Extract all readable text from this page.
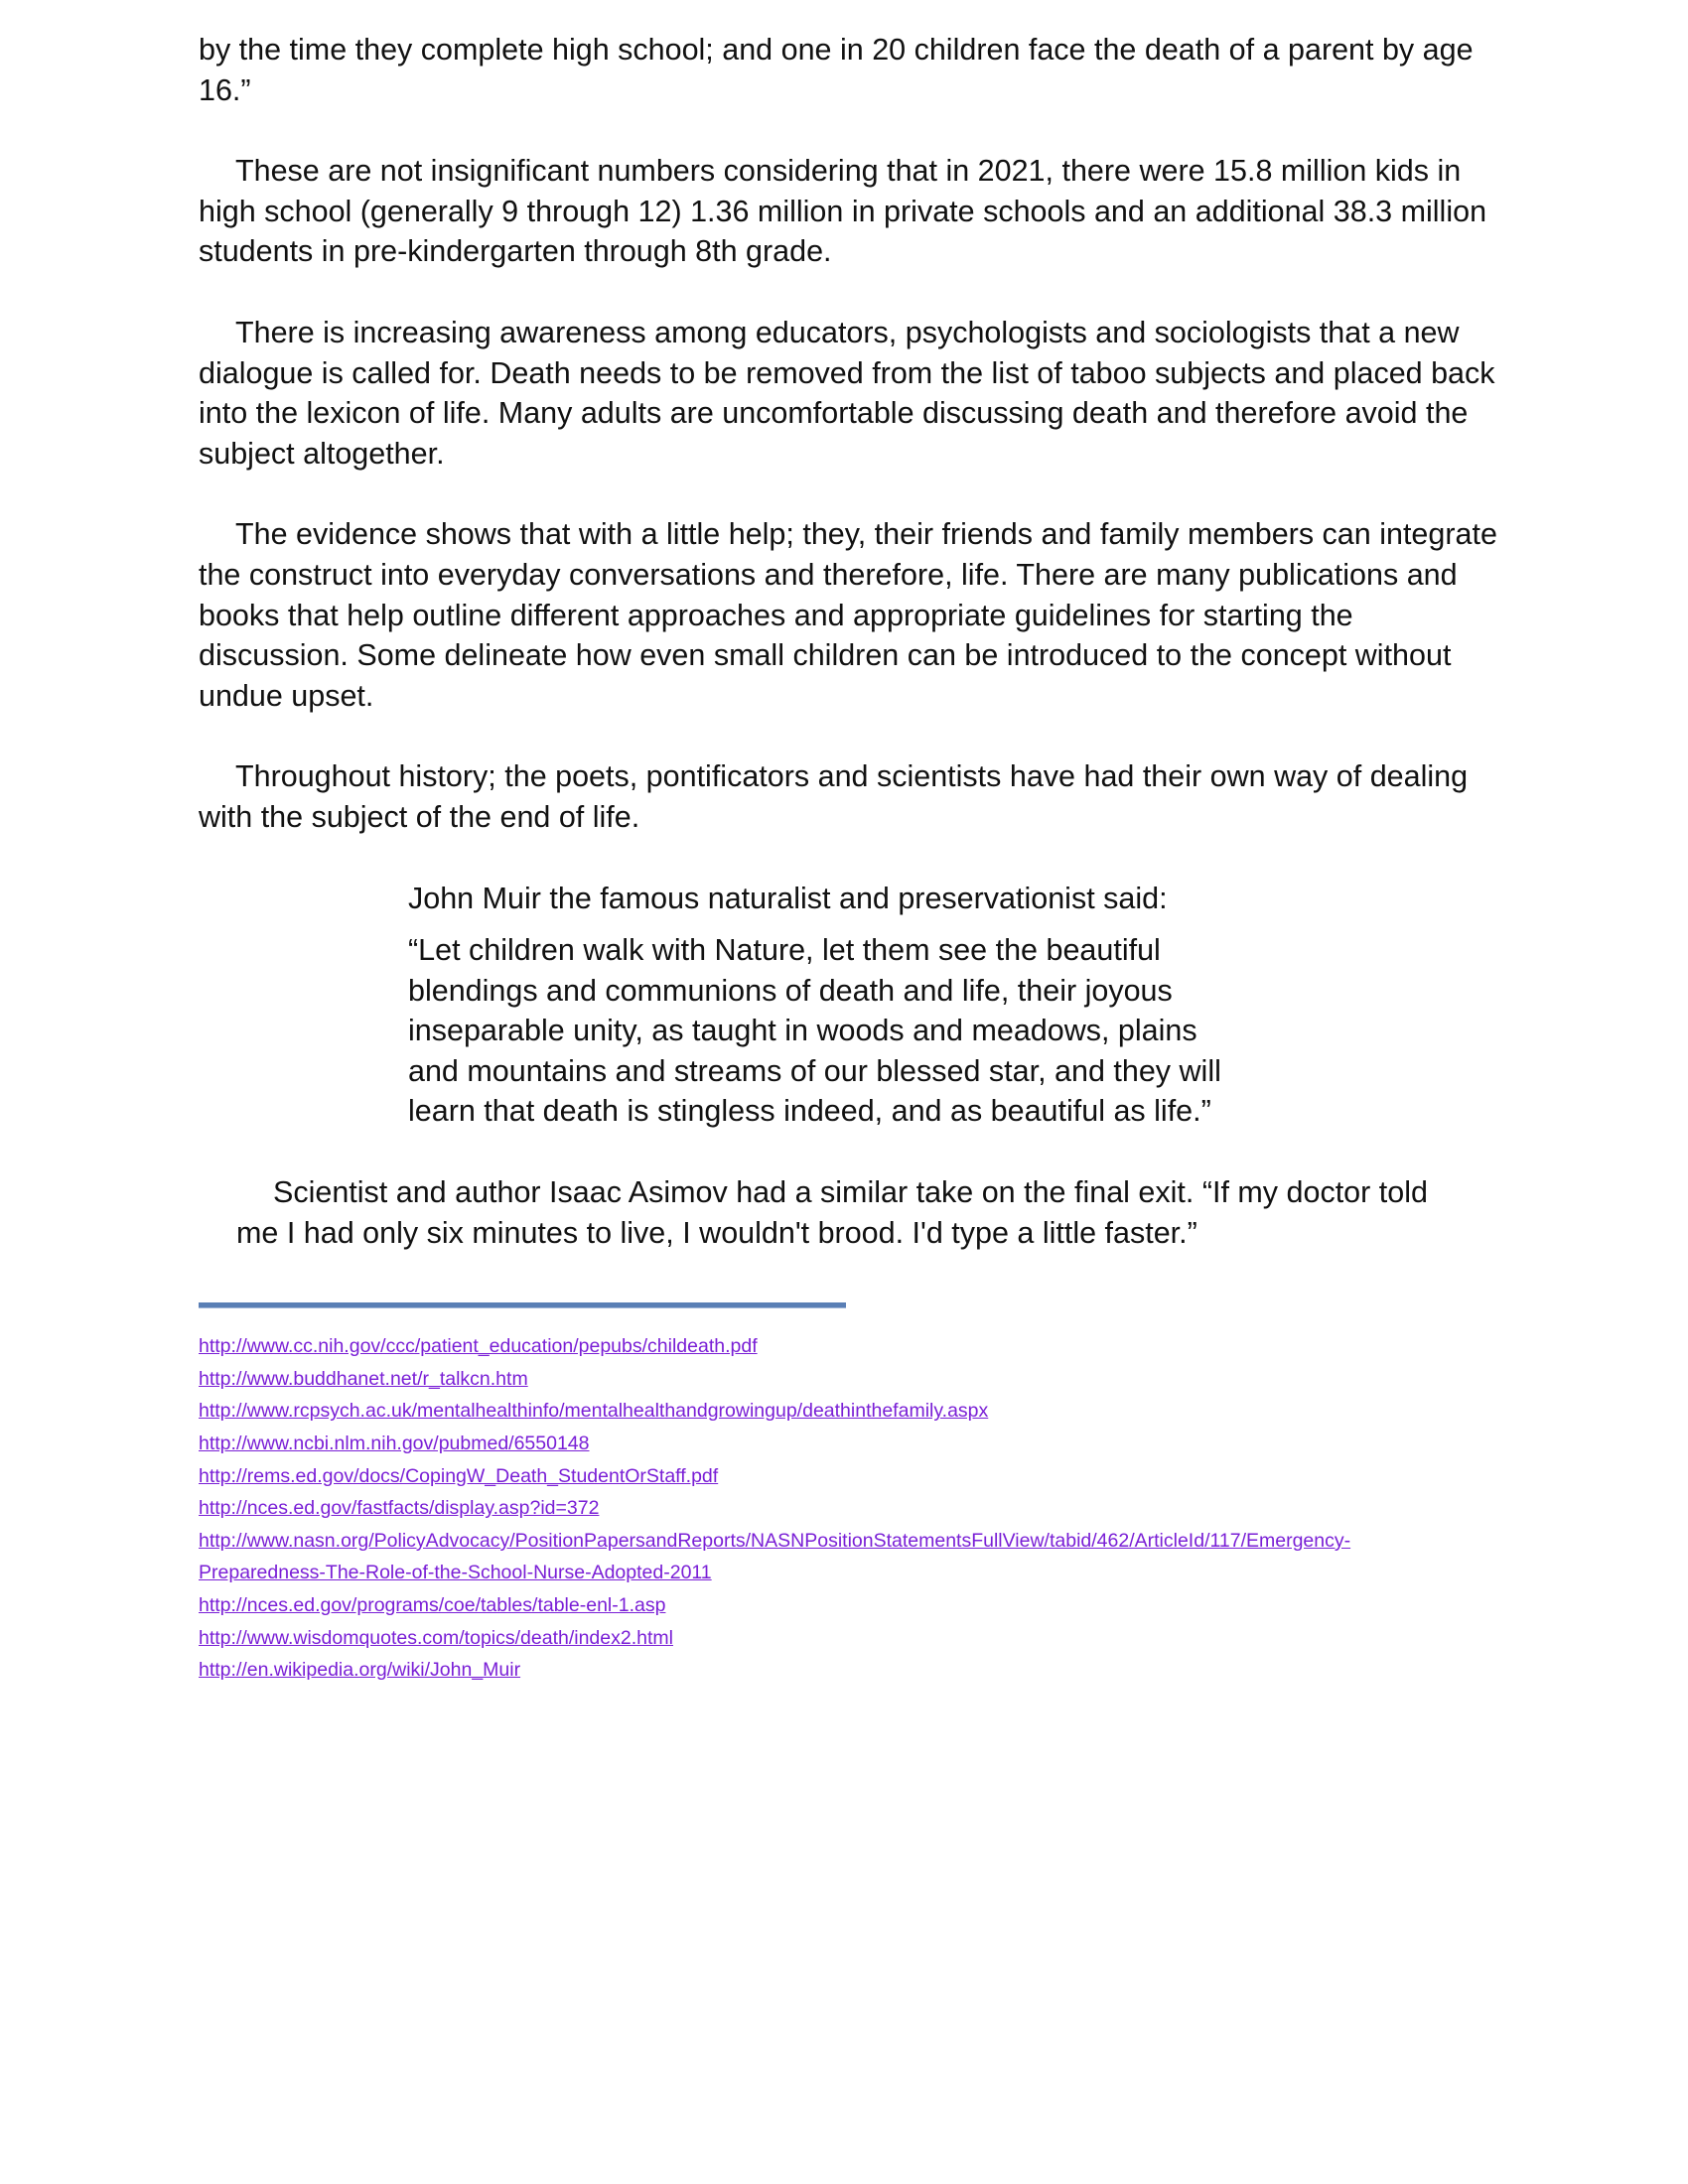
by the time they complete high school; and one in 20 children face the death of a parent by age 16.”

These are not insignificant numbers considering that in 2021, there were 15.8 million kids in high school (generally 9 through 12) 1.36 million in private schools and an additional 38.3 million students in pre-kindergarten through 8th grade.

There is increasing awareness among educators, psychologists and sociologists that a new dialogue is called for. Death needs to be removed from the list of taboo subjects and placed back into the lexicon of life. Many adults are uncomfortable discussing death and therefore avoid the subject altogether.

The evidence shows that with a little help; they, their friends and family members can integrate the construct into everyday conversations and therefore, life. There are many publications and books that help outline different approaches and appropriate guidelines for starting the discussion. Some delineate how even small children can be introduced to the concept without undue upset.

Throughout history; the poets, pontificators and scientists have had their own way of dealing with the subject of the end of life.

John Muir the famous naturalist and preservationist said:

“Let children walk with Nature, let them see the beautiful blendings and communions of death and life, their joyous inseparable unity, as taught in woods and meadows, plains and mountains and streams of our blessed star, and they will learn that death is stingless indeed, and as beautiful as life.”

Scientist and author Isaac Asimov had a similar take on the final exit. “If my doctor told me I had only six minutes to live, I wouldn't brood. I'd type a little faster.”

http://www.cc.nih.gov/ccc/patient_education/pepubs/childeath.pdf
http://www.buddhanet.net/r_talkcn.htm
http://www.rcpsych.ac.uk/mentalhealthinfo/mentalhealthandgrowingup/deathinthefamily.aspx
http://www.ncbi.nlm.nih.gov/pubmed/6550148
http://rems.ed.gov/docs/CopingW_Death_StudentOrStaff.pdf
http://nces.ed.gov/fastfacts/display.asp?id=372
http://www.nasn.org/PolicyAdvocacy/PositionPapersandReports/NASNPositionStatementsFullView/tabid/462/ArticleId/117/Emergency-
Preparedness-The-Role-of-the-School-Nurse-Adopted-2011
http://nces.ed.gov/programs/coe/tables/table-enl-1.asp
http://www.wisdomquotes.com/topics/death/index2.html
http://en.wikipedia.org/wiki/John_Muir
